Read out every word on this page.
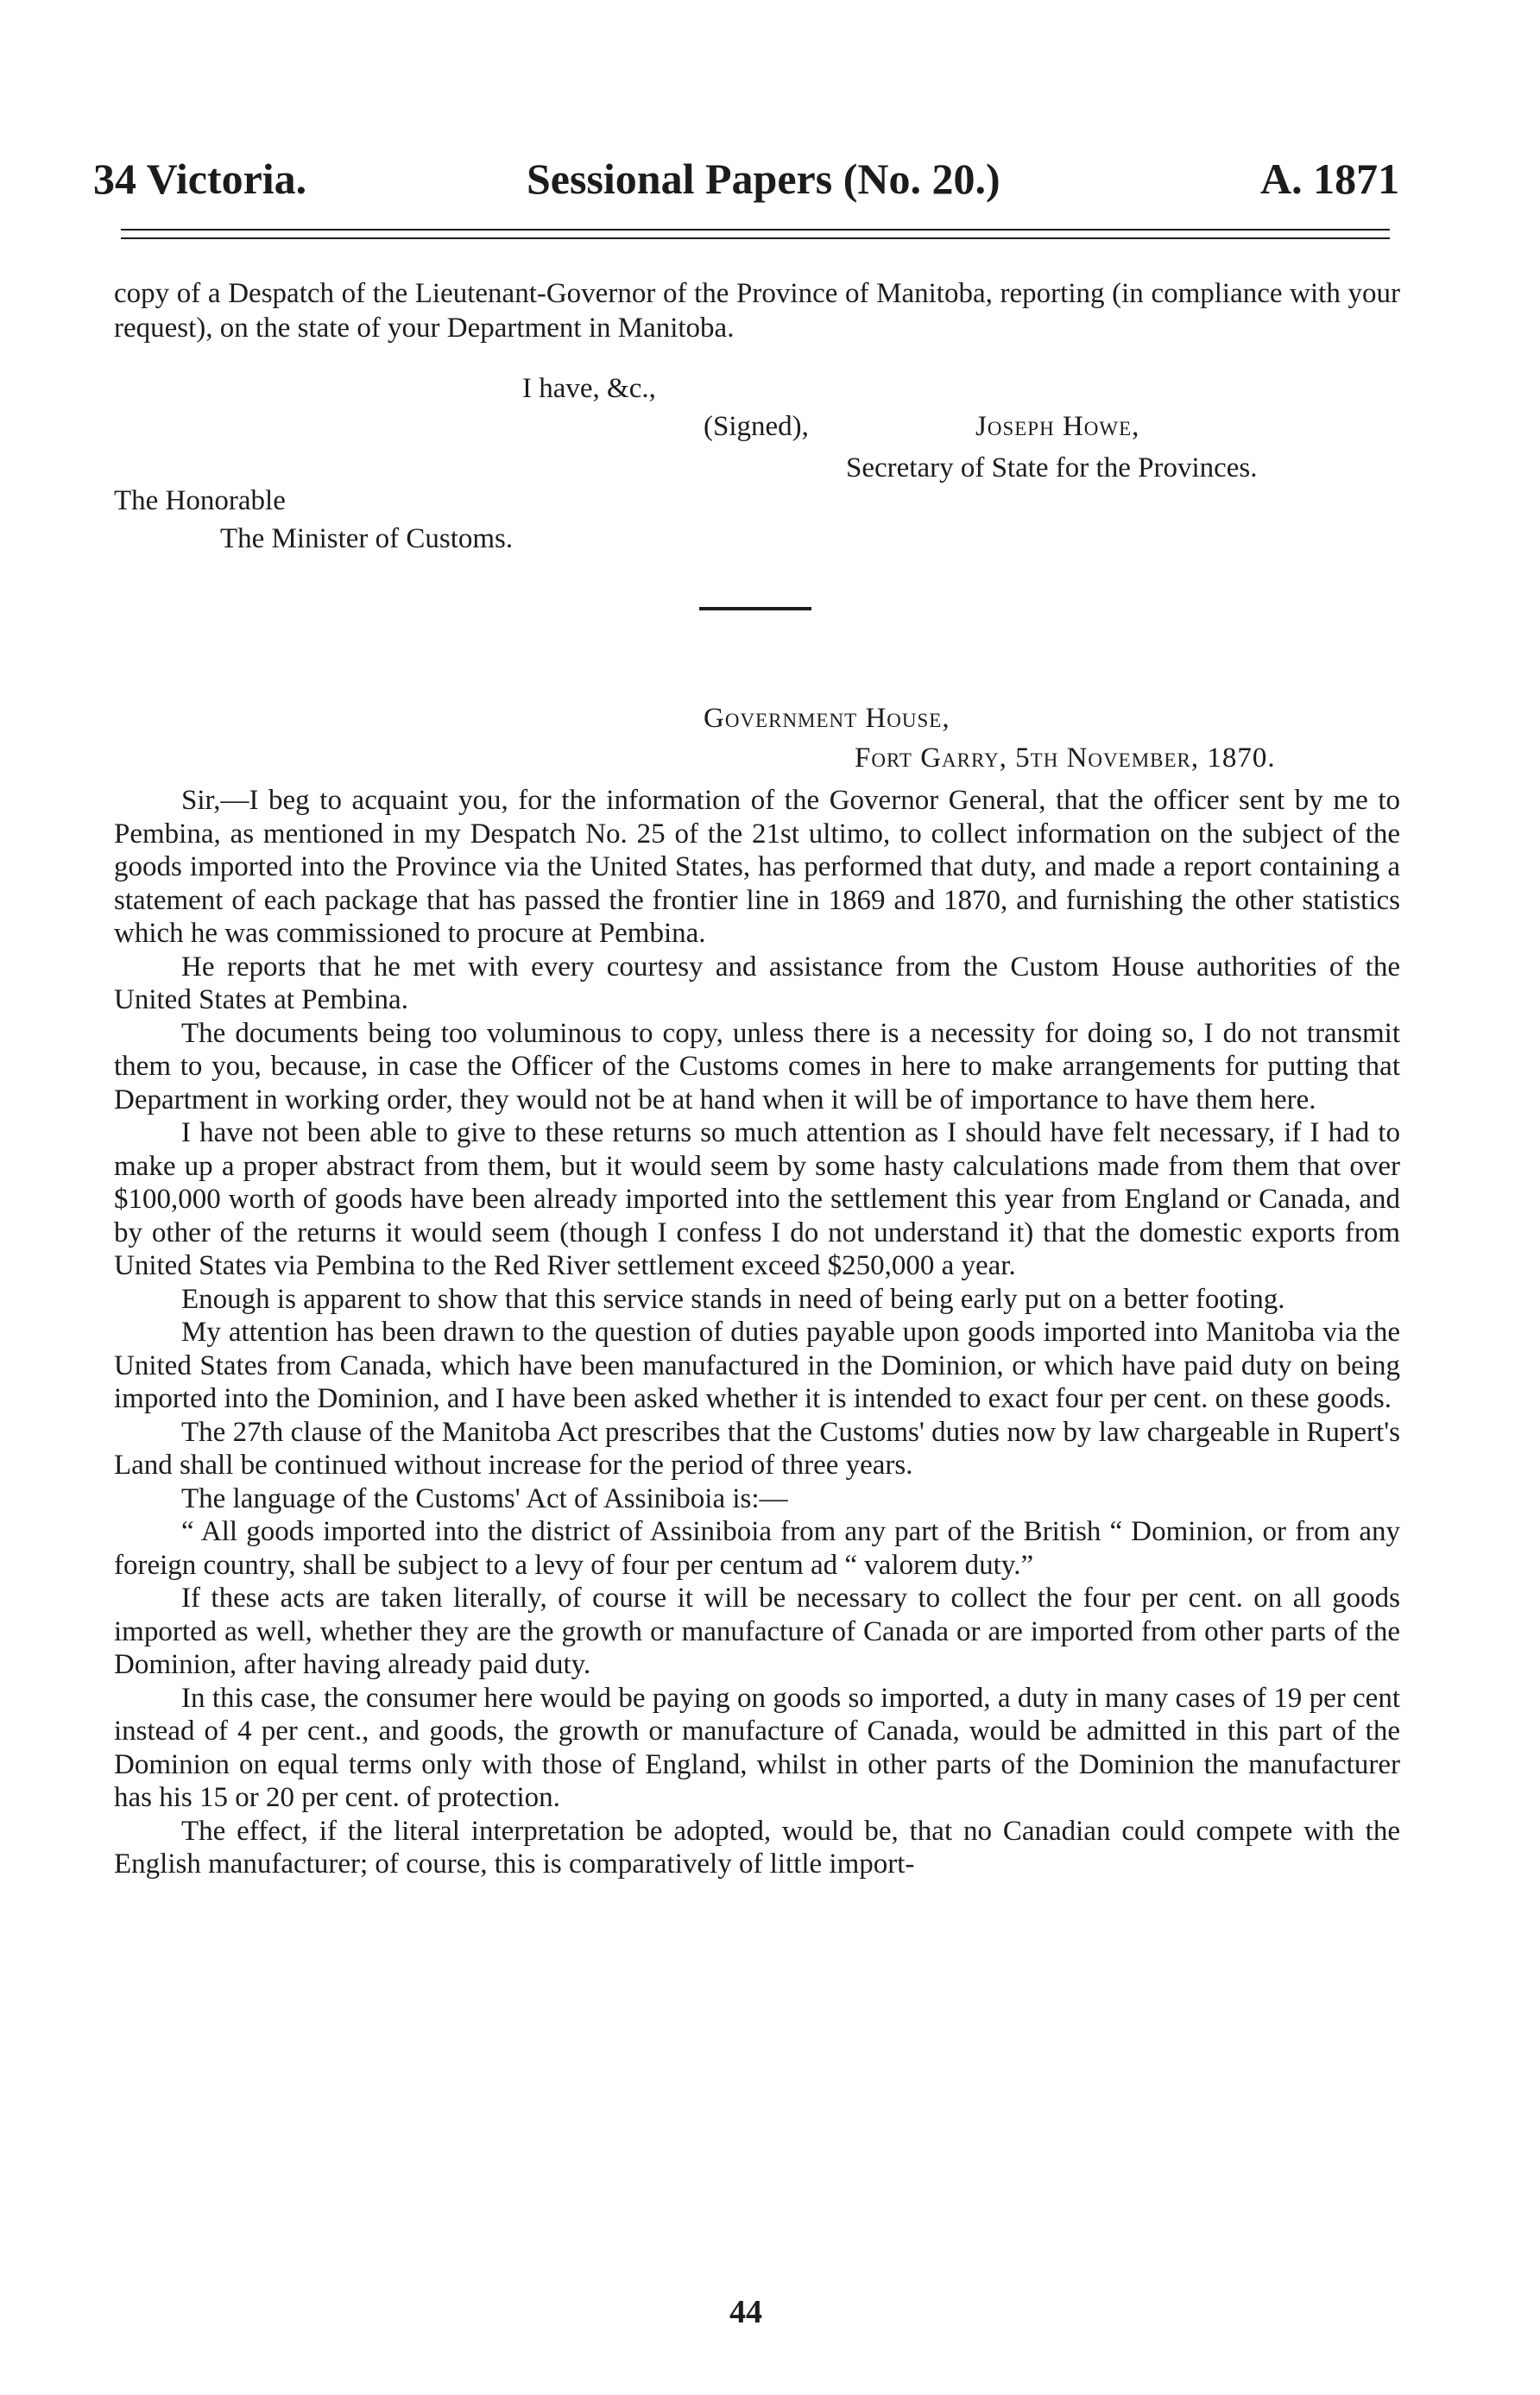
34 Victoria.	Sessional Papers (No. 20.)	A. 1871

copy of a Despatch of the Lieutenant-Governor of the Province of Manitoba, reporting (in compliance with your request), on the state of your Department in Manitoba.

I have, &c.,
(Signed),	Joseph Howe,
Secretary of State for the Provinces.
The Honorable
The Minister of Customs.
Government House,
Fort Garry, 5th November, 1870.

Sir,—I beg to acquaint you, for the information of the Governor General, that the officer sent by me to Pembina, as mentioned in my Despatch No. 25 of the 21st ultimo, to collect information on the subject of the goods imported into the Province via the United States, has performed that duty, and made a report containing a statement of each package that has passed the frontier line in 1869 and 1870, and furnishing the other statistics which he was commissioned to procure at Pembina.

He reports that he met with every courtesy and assistance from the Custom House authorities of the United States at Pembina.

The documents being too voluminous to copy, unless there is a necessity for doing so, I do not transmit them to you, because, in case the Officer of the Customs comes in here to make arrangements for putting that Department in working order, they would not be at hand when it will be of importance to have them here.

I have not been able to give to these returns so much attention as I should have felt necessary, if I had to make up a proper abstract from them, but it would seem by some hasty calculations made from them that over $100,000 worth of goods have been already imported into the settlement this year from England or Canada, and by other of the returns it would seem (though I confess I do not understand it) that the domestic exports from United States via Pembina to the Red River settlement exceed $250,000 a year.

Enough is apparent to show that this service stands in need of being early put on a better footing.

My attention has been drawn to the question of duties payable upon goods imported into Manitoba via the United States from Canada, which have been manufactured in the Dominion, or which have paid duty on being imported into the Dominion, and I have been asked whether it is intended to exact four per cent. on these goods.

The 27th clause of the Manitoba Act prescribes that the Customs' duties now by law chargeable in Rupert's Land shall be continued without increase for the period of three years.

The language of the Customs' Act of Assiniboia is:—

“ All goods imported into the district of Assiniboia from any part of the British “ Dominion, or from any foreign country, shall be subject to a levy of four per centum ad “ valorem duty.”

If these acts are taken literally, of course it will be necessary to collect the four per cent. on all goods imported as well, whether they are the growth or manufacture of Canada or are imported from other parts of the Dominion, after having already paid duty.

In this case, the consumer here would be paying on goods so imported, a duty in many cases of 19 per cent instead of 4 per cent., and goods, the growth or manufacture of Canada, would be admitted in this part of the Dominion on equal terms only with those of England, whilst in other parts of the Dominion the manufacturer has his 15 or 20 per cent. of protection.

The effect, if the literal interpretation be adopted, would be, that no Canadian could compete with the English manufacturer; of course, this is comparatively of little import-

44
